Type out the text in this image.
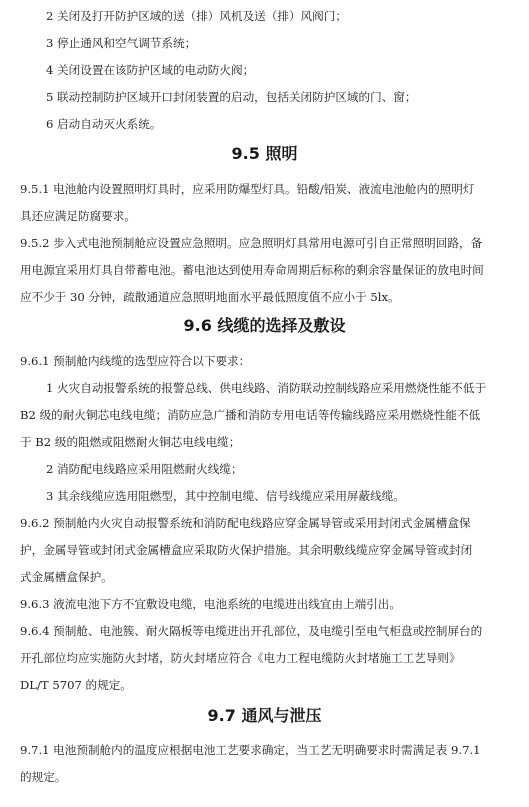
2 关闭及打开防护区域的送（排）风机及送（排）风阀门；
3 停止通风和空气调节系统；
4 关闭设置在该防护区域的电动防火阀；
5 联动控制防护区域开口封闭装置的启动，包括关闭防护区域的门、窗；
6 启动自动灭火系统。
9.5 照明
9.5.1 电池舱内设置照明灯具时，应采用防爆型灯具。铅酸/铅炭、液流电池舱内的照明灯
具还应满足防腐要求。
9.5.2 步入式电池预制舱应设置应急照明。应急照明灯具常用电源可引自正常照明回路，备
用电源宜采用灯具自带蓄电池。蓄电池达到使用寿命周期后标称的剩余容量保证的放电时间
应不少于 30 分钟，疏散通道应急照明地面水平最低照度值不应小于 5lx。
9.6 线缆的选择及敷设
9.6.1 预制舱内线缆的选型应符合以下要求：
1 火灾自动报警系统的报警总线、供电线路、消防联动控制线路应采用燃烧性能不低于
B2 级的耐火铜芯电线电缆；消防应急广播和消防专用电话等传输线路应采用燃烧性能不低
于 B2 级的阻燃或阻燃耐火铜芯电线电缆；
2 消防配电线路应采用阻燃耐火线缆；
3 其余线缆应选用阻燃型，其中控制电缆、信号线缆应采用屏蔽线缆。
9.6.2 预制舱内火灾自动报警系统和消防配电线路应穿金属导管或采用封闭式金属槽盒保
护，金属导管或封闭式金属槽盒应采取防火保护措施。其余明敷线缆应穿金属导管或封闭
式金属槽盒保护。
9.6.3 液流电池下方不宜敷设电缆，电池系统的电缆进出线宜由上端引出。
9.6.4 预制舱、电池簇、耐火隔板等电缆进出开孔部位，及电缆引至电气柜盘或控制屏台的
开孔部位均应实施防火封堵，防火封堵应符合《电力工程电缆防火封堵施工工艺导则》
DL/T 5707 的规定。
9.7 通风与泄压
9.7.1 电池预制舱内的温度应根据电池工艺要求确定，当工艺无明确要求时需满足表 9.7.1
的规定。
